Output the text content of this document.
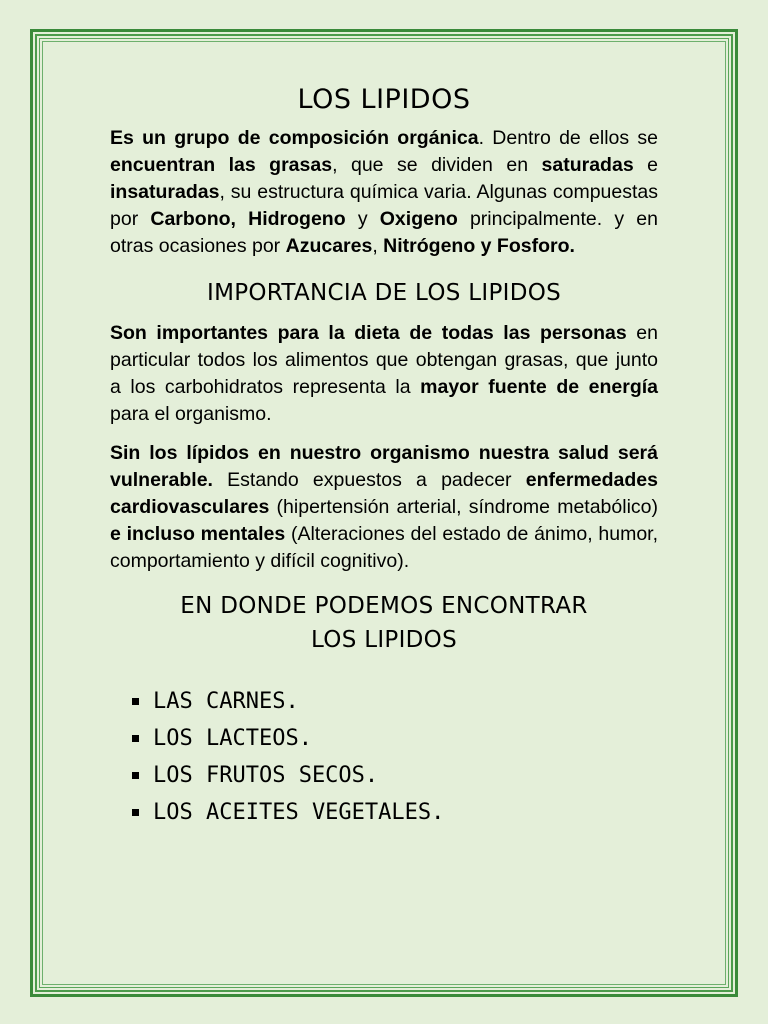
LOS LIPIDOS

Es un grupo de composición orgánica. Dentro de ellos se encuentran las grasas, que se dividen en saturadas e insaturadas, su estructura química varia. Algunas compuestas por Carbono, Hidrogeno y Oxigeno principalmente. y en otras ocasiones por Azucares, Nitrógeno y Fosforo.

IMPORTANCIA DE LOS LIPIDOS

Son importantes para la dieta de todas las personas en particular todos los alimentos que obtengan grasas, que junto a los carbohidratos representa la mayor fuente de energía para el organismo.

Sin los lípidos en nuestro organismo nuestra salud será vulnerable. Estando expuestos a padecer enfermedades cardiovasculares (hipertensión arterial, síndrome metabólico) e incluso mentales (Alteraciones del estado de ánimo, humor, comportamiento y difícil cognitivo).

EN DONDE PODEMOS ENCONTRAR
LOS LIPIDOS
LAS CARNES.
LOS LACTEOS.
LOS FRUTOS SECOS.
LOS ACEITES VEGETALES.
